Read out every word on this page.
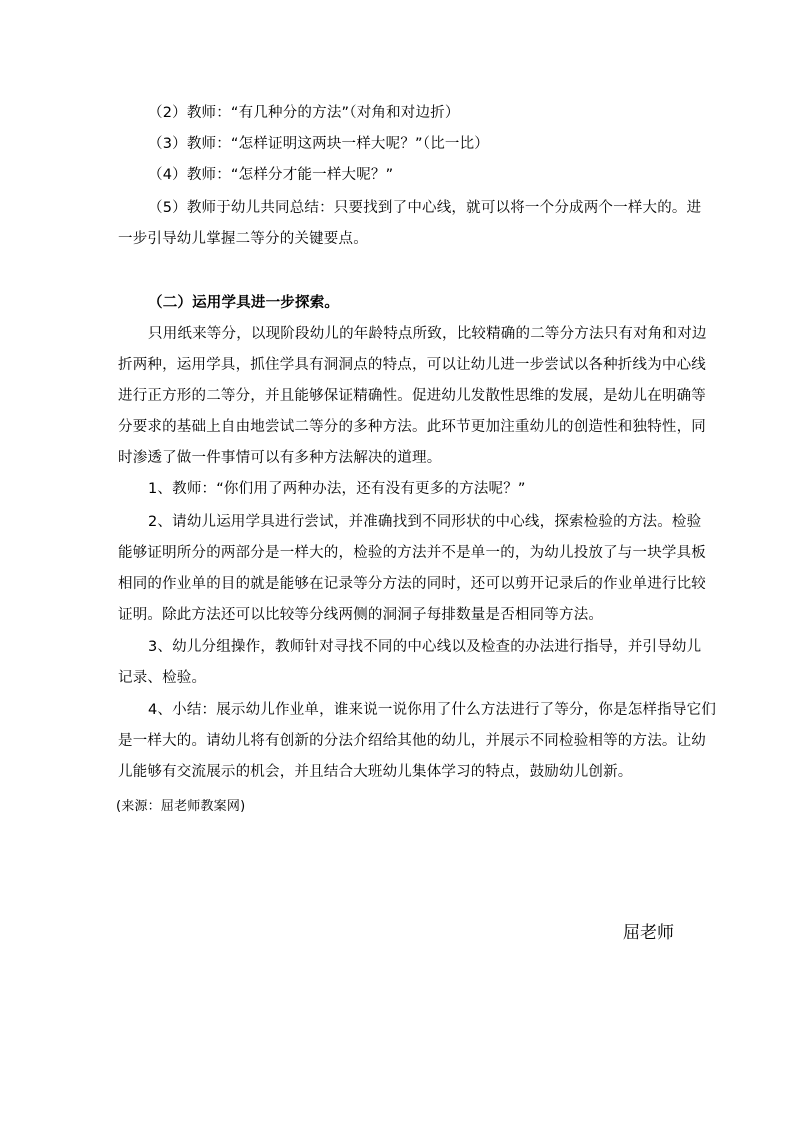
（2）教师：“有几种分的方法”（对角和对边折）
（3）教师：“怎样证明这两块一样大呢？”（比一比）
（4）教师：“怎样分才能一样大呢？”
（5）教师于幼儿共同总结：只要找到了中心线，就可以将一个分成两个一样大的。进
一步引导幼儿掌握二等分的关键要点。
（二）运用学具进一步探索。
只用纸来等分，以现阶段幼儿的年龄特点所致，比较精确的二等分方法只有对角和对边
折两种，运用学具，抓住学具有洞洞点的特点，可以让幼儿进一步尝试以各种折线为中心线
进行正方形的二等分，并且能够保证精确性。促进幼儿发散性思维的发展，是幼儿在明确等
分要求的基础上自由地尝试二等分的多种方法。此环节更加注重幼儿的创造性和独特性，同
时渗透了做一件事情可以有多种方法解决的道理。
1、教师：“你们用了两种办法，还有没有更多的方法呢？”
2、请幼儿运用学具进行尝试，并准确找到不同形状的中心线，探索检验的方法。检验
能够证明所分的两部分是一样大的，检验的方法并不是单一的，为幼儿投放了与一块学具板
相同的作业单的目的就是能够在记录等分方法的同时，还可以剪开记录后的作业单进行比较
证明。除此方法还可以比较等分线两侧的洞洞子每排数量是否相同等方法。
3、幼儿分组操作，教师针对寻找不同的中心线以及检查的办法进行指导，并引导幼儿
记录、检验。
4、小结：展示幼儿作业单，谁来说一说你用了什么方法进行了等分，你是怎样指导它们
是一样大的。请幼儿将有创新的分法介绍给其他的幼儿，并展示不同检验相等的方法。让幼
儿能够有交流展示的机会，并且结合大班幼儿集体学习的特点，鼓励幼儿创新。
(来源：屈老师教案网)
屈老师
